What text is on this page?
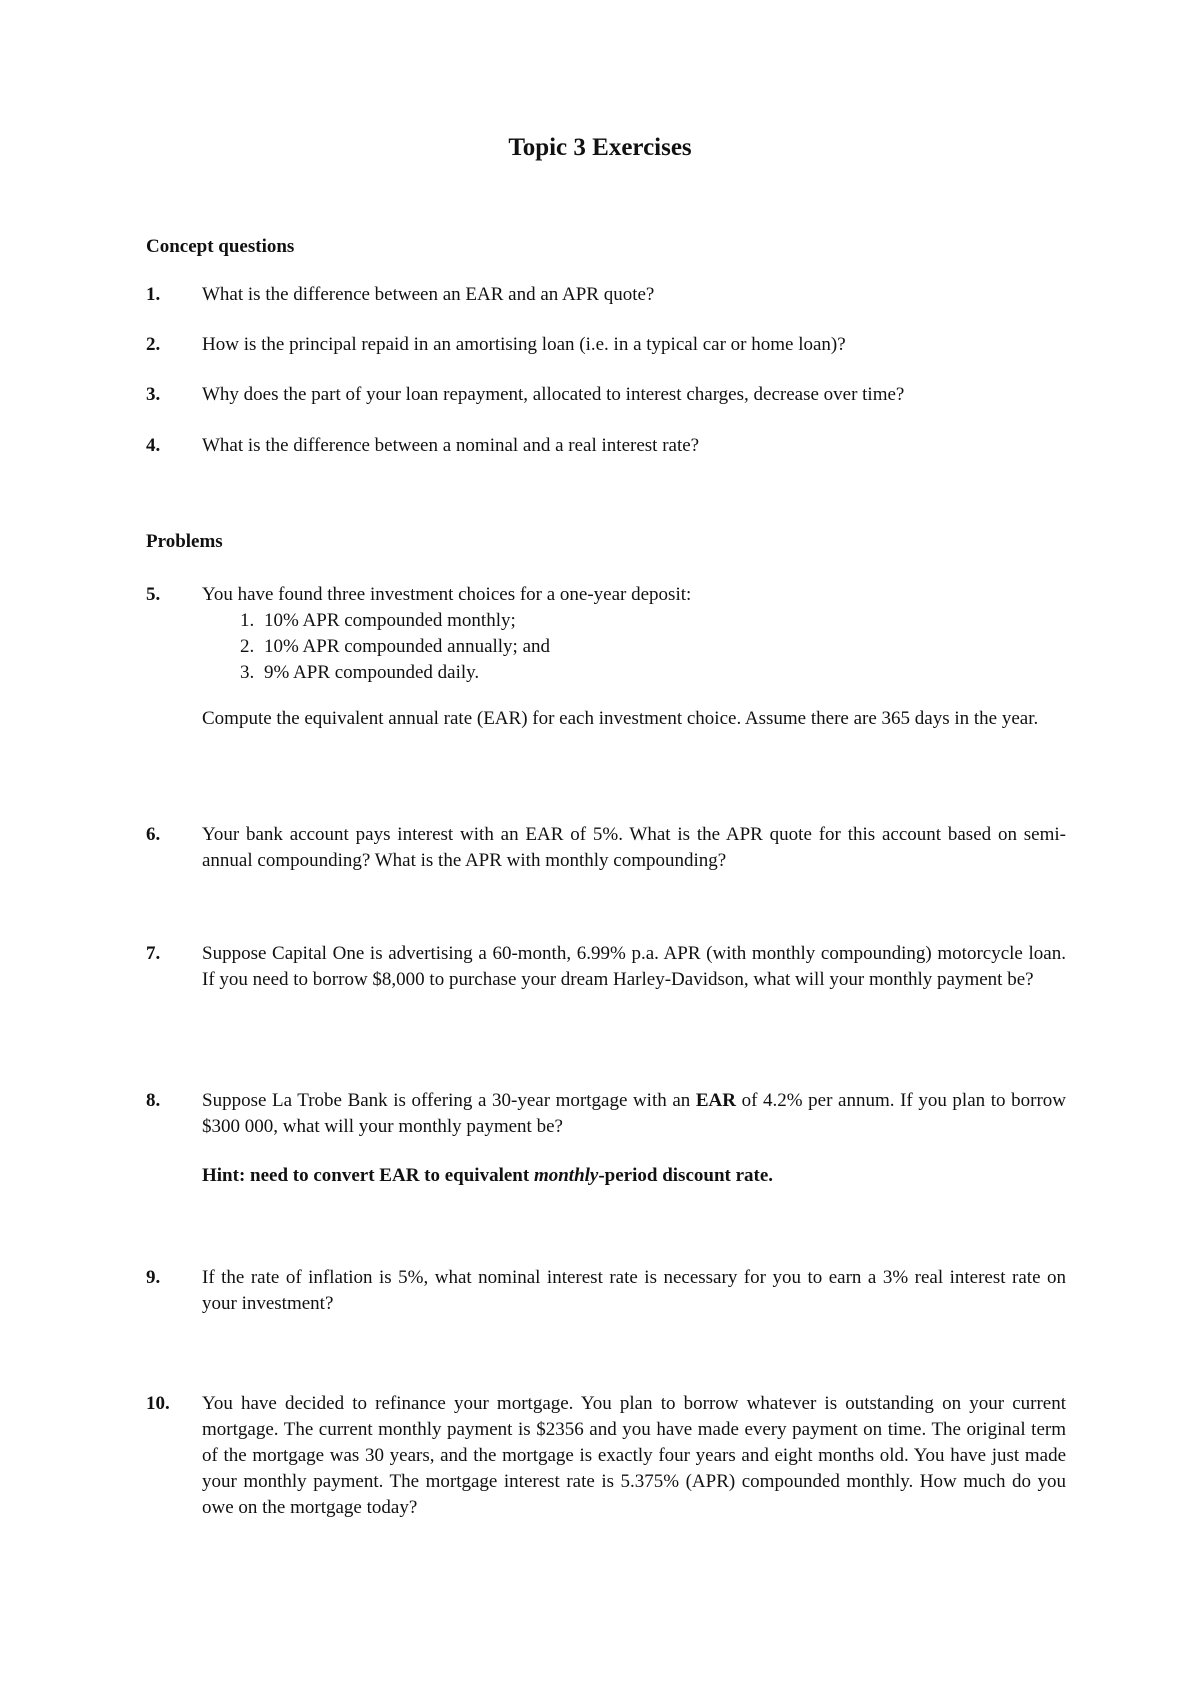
Topic 3 Exercises
Concept questions
1. What is the difference between an EAR and an APR quote?
2. How is the principal repaid in an amortising loan (i.e. in a typical car or home loan)?
3. Why does the part of your loan repayment, allocated to interest charges, decrease over time?
4. What is the difference between a nominal and a real interest rate?
Problems
5. You have found three investment choices for a one-year deposit:
1. 10% APR compounded monthly;
2. 10% APR compounded annually; and
3. 9% APR compounded daily.
Compute the equivalent annual rate (EAR) for each investment choice. Assume there are 365 days in the year.
6. Your bank account pays interest with an EAR of 5%. What is the APR quote for this account based on semi-annual compounding? What is the APR with monthly compounding?
7. Suppose Capital One is advertising a 60-month, 6.99% p.a. APR (with monthly compounding) motorcycle loan. If you need to borrow $8,000 to purchase your dream Harley-Davidson, what will your monthly payment be?
8. Suppose La Trobe Bank is offering a 30-year mortgage with an EAR of 4.2% per annum. If you plan to borrow $300 000, what will your monthly payment be?
Hint: need to convert EAR to equivalent monthly-period discount rate.
9. If the rate of inflation is 5%, what nominal interest rate is necessary for you to earn a 3% real interest rate on your investment?
10. You have decided to refinance your mortgage. You plan to borrow whatever is outstanding on your current mortgage. The current monthly payment is $2356 and you have made every payment on time. The original term of the mortgage was 30 years, and the mortgage is exactly four years and eight months old. You have just made your monthly payment. The mortgage interest rate is 5.375% (APR) compounded monthly. How much do you owe on the mortgage today?
